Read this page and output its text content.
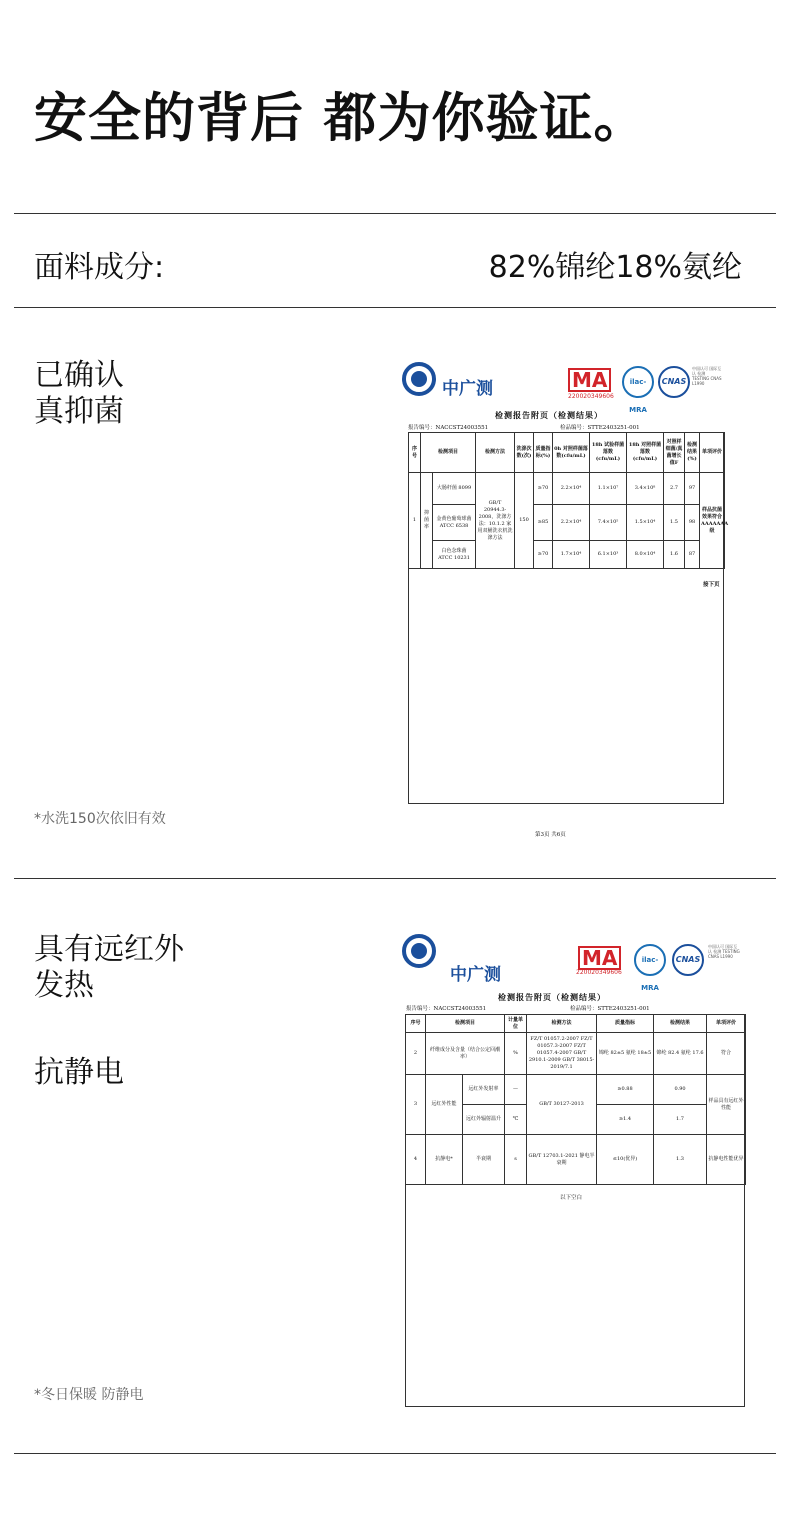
安全的背后 都为你验证。
面料成分:	82%锦纶18%氨纶
已确认
真抑菌
*水洗150次依旧有效
中广测	MA
220020349606
ilac-MRA
CNAS
中国认可 国际互认 检测 TESTING CNAS L1990
检测报告附页（检测结果）
报告编号：NACCST24003551	检品编号：STTE2403251-001
序号	检测项目		检测方法	洗涤次数(次)	质量指标(%)	0h 对照样菌落数(cfu/mL)	18h 试验样菌落数(cfu/mL)	18h 对照样菌落数(cfu/mL)	对照样细菌/真菌增长值F	检测结果(%)	单项评价
1	抑菌率	大肠杆菌 8099	GB/T 20944.3-2008，洗涤方法：10.1.2 家用双桶洗衣机洗涤方法	150	≥70	2.2×10⁴	1.1×10⁷	3.4×10⁸	2.7	97	样品抗菌效果符合AAAAAAA级
		金黄色葡萄球菌 ATCC 6538			≥85	2.2×10⁴	7.4×10⁵	1.5×10⁴	1.5	98	
		白色念珠菌 ATCC 10231			≥70	1.7×10⁴	6.1×10³	8.0×10⁴	1.6	87	
接下页
第3页 共6页
具有远红外
发热
抗静电
*冬日保暖 防静电
中广测
MA
220020349606
ilac-MRA
CNAS
中国认可 国际互认 检测 TESTING CNAS L1990
检测报告附页（检测结果）
报告编号：NACCST24003551	检品编号：STTE2403251-001
序号	检测项目		计量单位	检测方法	质量指标	检测结果	单项评价
2	纤维成分及含量（结合公定回潮率）		%	FZ/T 01057.2-2007 FZ/T 01057.3-2007 FZ/T 01057.4-2007 GB/T 2910.1-2009 GB/T 38015-2019/7.1	锦纶 82±5 氨纶 18±5	锦纶 82.4 氨纶 17.6	符合
3	远红外性能	远红外发射率	—	GB/T 30127-2013	≥0.88	0.90	样品具有远红外性能
		远红外辐射温升	℃		≥1.4	1.7	
4	抗静电*	半衰期	s	GB/T 12703.1-2021 静电半衰期	≤10(优异)	1.3	抗静电性能优异
以下空白
